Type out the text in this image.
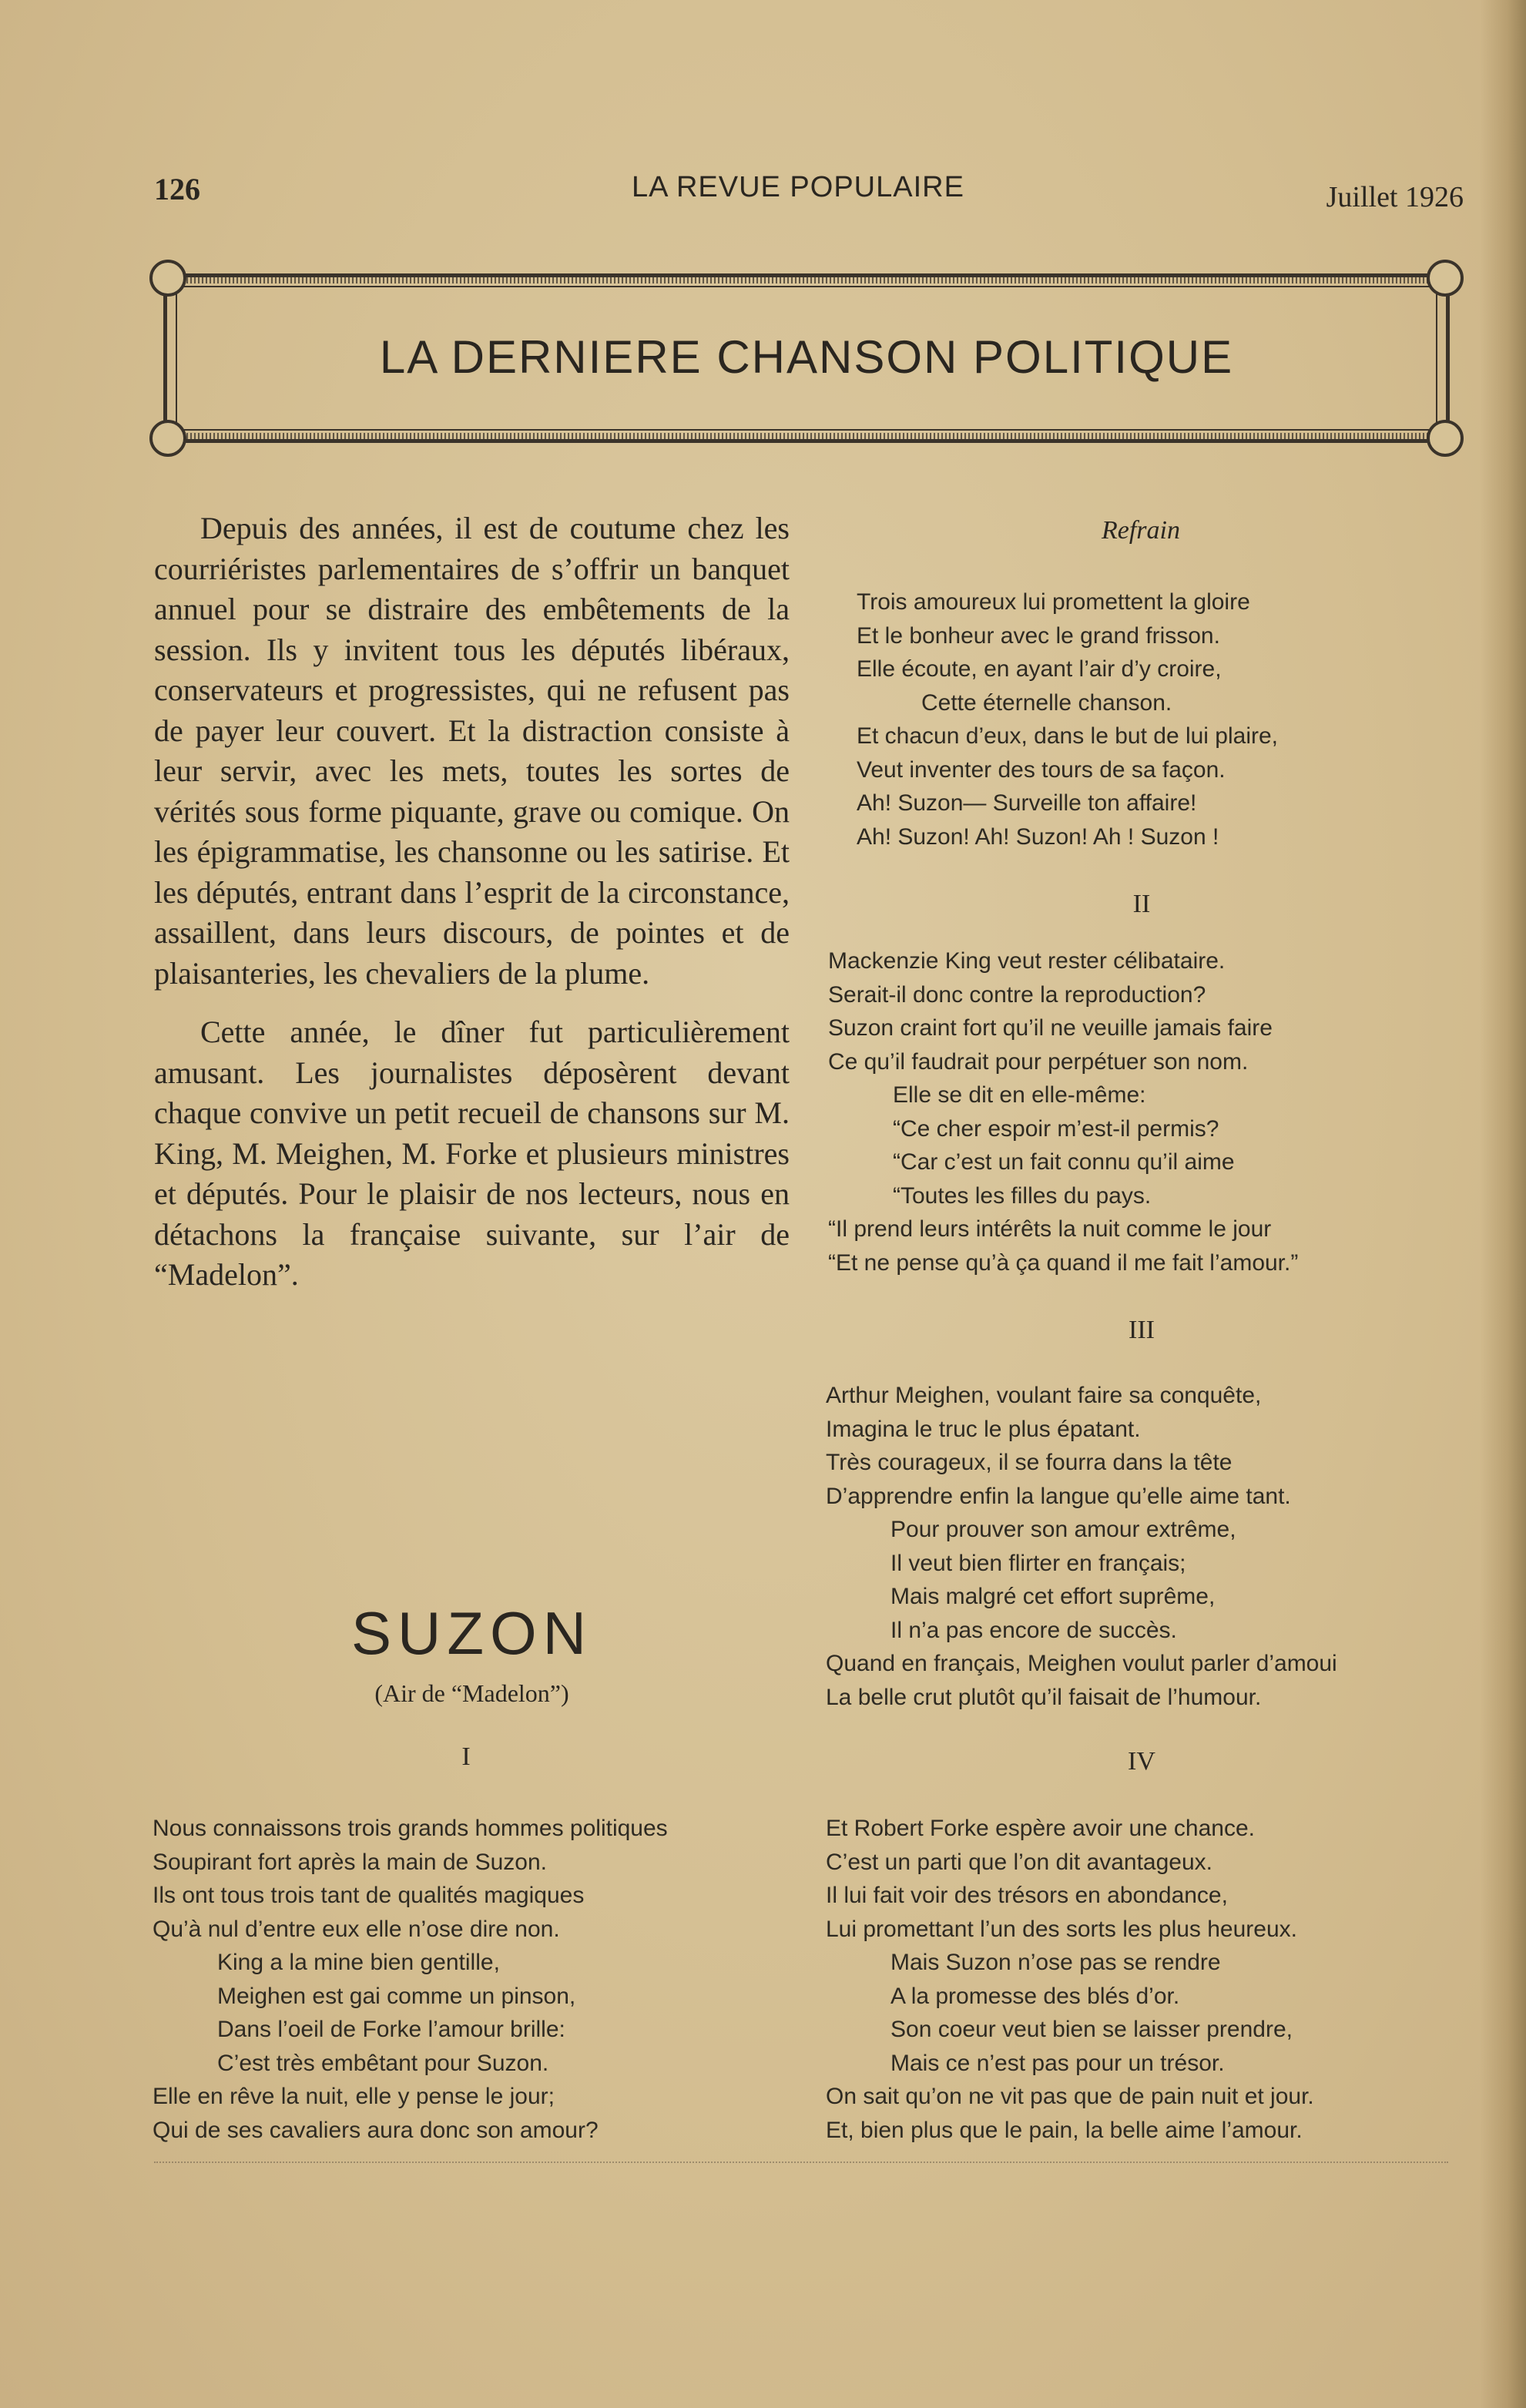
126	LA REVUE POPULAIRE	Juillet 1926
LA DERNIERE CHANSON POLITIQUE

Depuis des années, il est de coutume chez les courriéristes parlementaires de s’offrir un banquet annuel pour se distraire des embêtements de la session. Ils y invitent tous les députés libéraux, conservateurs et progressistes, qui ne refusent pas de payer leur couvert. Et la distraction consiste à leur servir, avec les mets, toutes les sortes de vérités sous forme piquante, grave ou comique. On les épigrammatise, les chansonne ou les satirise. Et les députés, entrant dans l’esprit de la circonstance, assaillent, dans leurs discours, de pointes et de plaisanteries, les chevaliers de la plume.

Cette année, le dîner fut particulièrement amusant. Les journalistes déposèrent devant chaque convive un petit recueil de chansons sur M. King, M. Meighen, M. Forke et plusieurs ministres et députés. Pour le plaisir de nos lecteurs, nous en détachons la française suivante, sur l’air de “Madelon”.

SUZON
(Air de “Madelon”)
I
Nous connaissons trois grands hommes politiques
Soupirant fort après la main de Suzon.
Ils ont tous trois tant de qualités magiques
Qu’à nul d’entre eux elle n’ose dire non.
King a la mine bien gentille,
Meighen est gai comme un pinson,
Dans l’oeil de Forke l’amour brille:
C’est très embêtant pour Suzon.
Elle en rêve la nuit, elle y pense le jour;
Qui de ses cavaliers aura donc son amour?
Refrain
Trois amoureux lui promettent la gloire
Et le bonheur avec le grand frisson.
Elle écoute, en ayant l’air d’y croire,
Cette éternelle chanson.
Et chacun d’eux, dans le but de lui plaire,
Veut inventer des tours de sa façon.
Ah! Suzon— Surveille ton affaire!
Ah! Suzon! Ah! Suzon! Ah ! Suzon !
II
Mackenzie King veut rester célibataire.
Serait-il donc contre la reproduction?
Suzon craint fort qu’il ne veuille jamais faire
Ce qu’il faudrait pour perpétuer son nom.
Elle se dit en elle-même:
“Ce cher espoir m’est-il permis?
“Car c’est un fait connu qu’il aime
“Toutes les filles du pays.
“Il prend leurs intérêts la nuit comme le jour
“Et ne pense qu’à ça quand il me fait l’amour.”
III
Arthur Meighen, voulant faire sa conquête,
Imagina le truc le plus épatant.
Très courageux, il se fourra dans la tête
D’apprendre enfin la langue qu’elle aime tant.
Pour prouver son amour extrême,
Il veut bien flirter en français;
Mais malgré cet effort suprême,
Il n’a pas encore de succès.
Quand en français, Meighen voulut parler d’amoui
La belle crut plutôt qu’il faisait de l’humour.
IV
Et Robert Forke espère avoir une chance.
C’est un parti que l’on dit avantageux.
Il lui fait voir des trésors en abondance,
Lui promettant l’un des sorts les plus heureux.
Mais Suzon n’ose pas se rendre
A la promesse des blés d’or.
Son coeur veut bien se laisser prendre,
Mais ce n’est pas pour un trésor.
On sait qu’on ne vit pas que de pain nuit et jour.
Et, bien plus que le pain, la belle aime l’amour.
